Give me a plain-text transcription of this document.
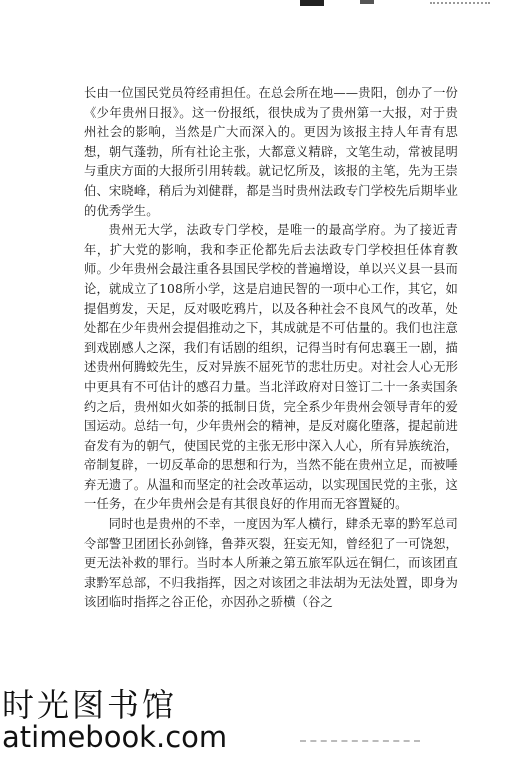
长由一位国民党员符经甫担任。在总会所在地——贵阳，创办了一份《少年贵州日报》。这一份报纸，很快成为了贵州第一大报，对于贵州社会的影响，当然是广大而深入的。更因为该报主持人年青有思想，朝气蓬勃，所有社论主张，大都意义精辟，文笔生动，常被昆明与重庆方面的大报所引用转载。就记忆所及，该报的主笔，先为王崇伯、宋晓峰，稍后为刘健群，都是当时贵州法政专门学校先后期毕业的优秀学生。

贵州无大学，法政专门学校，是唯一的最高学府。为了接近青年，扩大党的影响，我和李正伦都先后去法政专门学校担任体育教师。少年贵州会最注重各县国民学校的普遍增设，单以兴义县一县而论，就成立了108所小学，这是启迪民智的一项中心工作，其它，如提倡剪发，天足，反对吸吃鸦片，以及各种社会不良风气的改革，处处都在少年贵州会提倡推动之下，其成就是不可估量的。我们也注意到戏剧感人之深，我们有话剧的组织，记得当时有何忠襄王一剧，描述贵州何腾蛟先生，反对异族不屈死节的悲壮历史。对社会人心无形中更具有不可估计的感召力量。当北洋政府对日签订二十一条卖国条约之后，贵州如火如荼的抵制日货，完全系少年贵州会领导青年的爱国运动。总结一句，少年贵州会的精神，是反对腐化堕落，提起前进奋发有为的朝气，使国民党的主张无形中深入人心，所有异族统治，帝制复辟，一切反革命的思想和行为，当然不能在贵州立足，而被唾弃无遗了。从温和而坚定的社会改革运动，以实现国民党的主张，这一任务，在少年贵州会是有其很良好的作用而无容置疑的。

同时也是贵州的不幸，一度因为军人横行，肆杀无辜的黔军总司令部警卫团团长孙剑锋，鲁莽灭裂，狂妄无知，曾经犯了一可饶恕，更无法补救的罪行。当时本人所兼之第五旅军队远在铜仁，而该团直隶黔军总部，不归我指挥，因之对该团之非法胡为无法处置，即身为该团临时指挥之谷正伦，亦因孙之骄横（谷之

时光图书馆
atimebook.com
